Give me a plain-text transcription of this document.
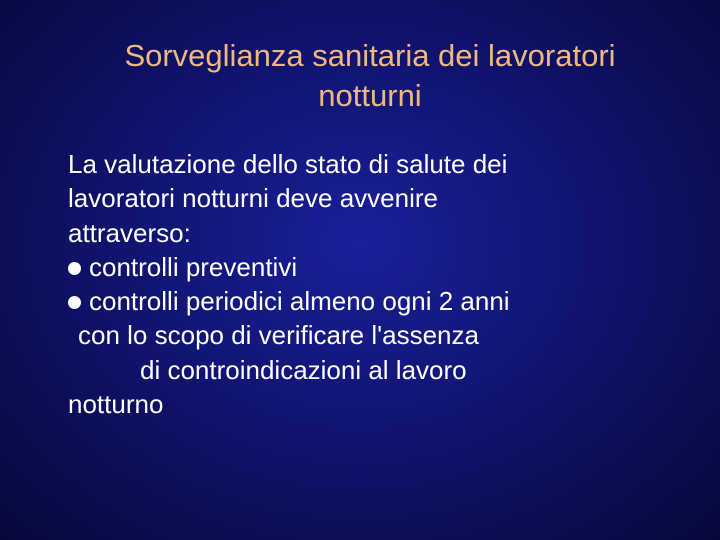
Sorveglianza sanitaria dei lavoratori
notturni
La valutazione dello stato di salute dei
lavoratori notturni deve avvenire
attraverso:
controlli preventivi
controlli periodici almeno ogni 2 anni
con lo scopo di verificare l'assenza
di controindicazioni al lavoro
notturno
